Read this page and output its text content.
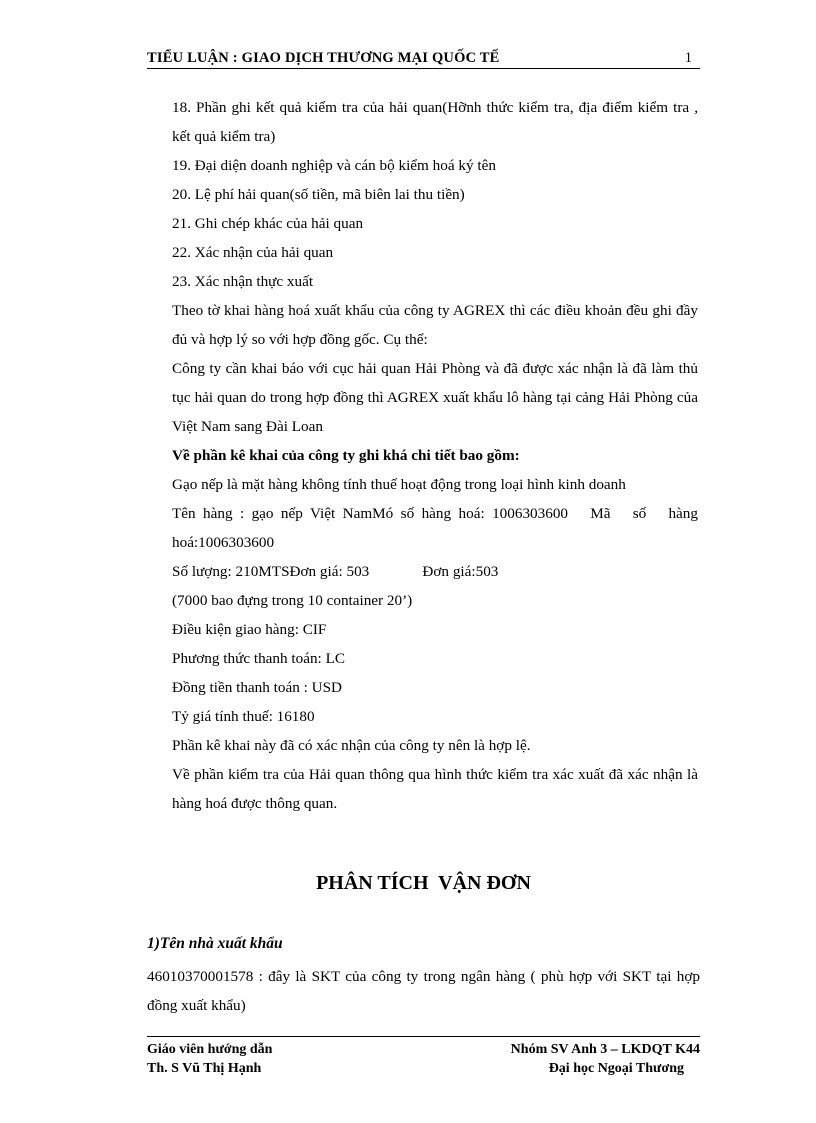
TIỂU LUẬN : GIAO DỊCH THƯƠNG MẠI QUỐC TẾ	1

18. Phần ghi kết quả kiểm tra của hải quan(Hỡnh thức kiểm tra, địa điểm kiểm tra , kết quả kiểm tra)

19. Đại diện doanh nghiệp và cán bộ kiểm hoá ký tên

20. Lệ phí hải quan(số tiền, mã biên lai thu tiền)

21. Ghi chép khác của hải quan

22. Xác nhận của hải quan

23. Xác nhận thực xuất

Theo tờ khai hàng hoá xuất khẩu của công ty AGREX thì các điều khoản đều ghi đầy đủ và hợp lý so với hợp đồng gốc. Cụ thể:

Công ty cần khai báo với cục hải quan Hải Phòng và đã được xác nhận là đã làm thủ tục hải quan do trong hợp đồng thì AGREX xuất khẩu lô hàng tại cảng Hải Phòng của Việt Nam sang Đài Loan

Về phần kê khai của công ty ghi khá chi tiết bao gồm:

Gạo nếp là mặt hàng không tính thuế hoạt động trong loại hình kinh doanh

Tên hàng : gạo nếp Việt NamMó số hàng hoá: 1006303600   Mã   số   hàng hoá:1006303600

Số lượng: 210MTSĐơn giá: 503              Đơn giá:503

(7000 bao đựng trong 10 container 20’)

Điều kiện giao hàng: CIF

Phương thức thanh toán: LC

Đồng tiền thanh toán : USD

Tỷ giá tính thuế: 16180

Phần kê khai này đã có xác nhận của công ty nên là hợp lệ.

Về phần kiểm tra của Hải quan thông qua hình thức kiểm tra xác xuất đã xác nhận là hàng hoá được thông quan.

PHÂN TÍCH  VẬN ĐƠN
1)Tên nhà xuất khẩu

46010370001578 : đây là SKT của công ty trong ngân hàng ( phù hợp với SKT tại hợp đồng xuất khẩu)

Giáo viên hướng dẫn
Th. S Vũ Thị Hạnh
Nhóm SV Anh 3 – LKDQT K44
Đại học Ngoại Thương
